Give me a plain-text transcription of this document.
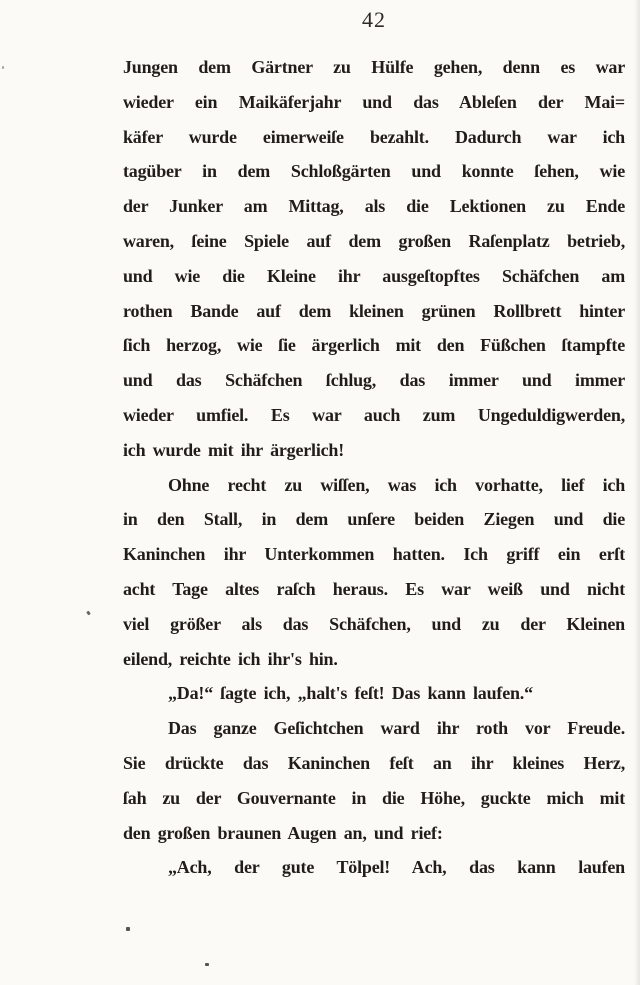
42
Jungen dem Gärtner zu Hülfe gehen, denn es war
wieder ein Maikäferjahr und das Ableſen der Mai=
käfer wurde eimerweiſe bezahlt. Dadurch war ich
tagüber in dem Schloßgärten und konnte ſehen, wie
der Junker am Mittag, als die Lektionen zu Ende
waren, ſeine Spiele auf dem großen Raſenplatz betrieb,
und wie die Kleine ihr ausgeſtopftes Schäfchen am
rothen Bande auf dem kleinen grünen Rollbrett hinter
ſich herzog, wie ſie ärgerlich mit den Füßchen ſtampfte
und das Schäfchen ſchlug, das immer und immer
wieder umfiel. Es war auch zum Ungeduldigwerden,
ich wurde mit ihr ärgerlich!
Ohne recht zu wiſſen, was ich vorhatte, lief ich
in den Stall, in dem unſere beiden Ziegen und die
Kaninchen ihr Unterkommen hatten. Ich griff ein erſt
acht Tage altes raſch heraus. Es war weiß und nicht
viel größer als das Schäfchen, und zu der Kleinen
eilend, reichte ich ihr's hin.
„Da!“ ſagte ich, „halt's feſt! Das kann laufen.“
Das ganze Geſichtchen ward ihr roth vor Freude.
Sie drückte das Kaninchen feſt an ihr kleines Herz,
ſah zu der Gouvernante in die Höhe, guckte mich mit
den großen braunen Augen an, und rief:
„Ach, der gute Tölpel! Ach, das kann laufen
